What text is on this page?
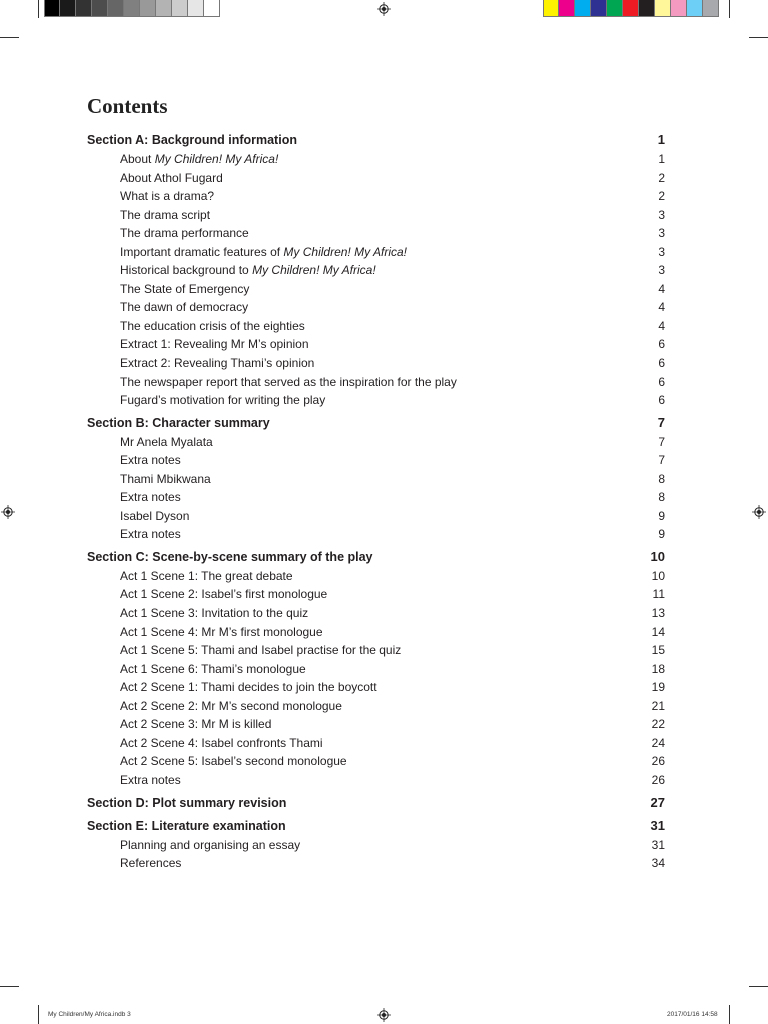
Contents
Section A: Background information	1
About My Children! My Africa!	1
About Athol Fugard	2
What is a drama?	2
The drama script	3
The drama performance	3
Important dramatic features of My Children! My Africa!	3
Historical background to My Children! My Africa!	3
The State of Emergency	4
The dawn of democracy	4
The education crisis of the eighties	4
Extract 1: Revealing Mr M’s opinion	6
Extract 2: Revealing Thami’s opinion	6
The newspaper report that served as the inspiration for the play	6
Fugard’s motivation for writing the play	6
Section B: Character summary	7
Mr Anela Myalata	7
Extra notes	7
Thami Mbikwana	8
Extra notes	8
Isabel Dyson	9
Extra notes	9
Section C: Scene-by-scene summary of the play	10
Act 1 Scene 1: The great debate	10
Act 1 Scene 2: Isabel’s first monologue	11
Act 1 Scene 3: Invitation to the quiz	13
Act 1 Scene 4: Mr M’s first monologue	14
Act 1 Scene 5: Thami and Isabel practise for the quiz	15
Act 1 Scene 6: Thami’s monologue	18
Act 2 Scene 1: Thami decides to join the boycott	19
Act 2 Scene 2: Mr M’s second monologue	21
Act 2 Scene 3: Mr M is killed	22
Act 2 Scene 4: Isabel confronts Thami	24
Act 2 Scene 5: Isabel’s second monologue	26
Extra notes	26
Section D: Plot summary revision	27
Section E: Literature examination	31
Planning and organising an essay	31
References	34
My Children/My Africa.indb 3	2017/01/16 14:58
